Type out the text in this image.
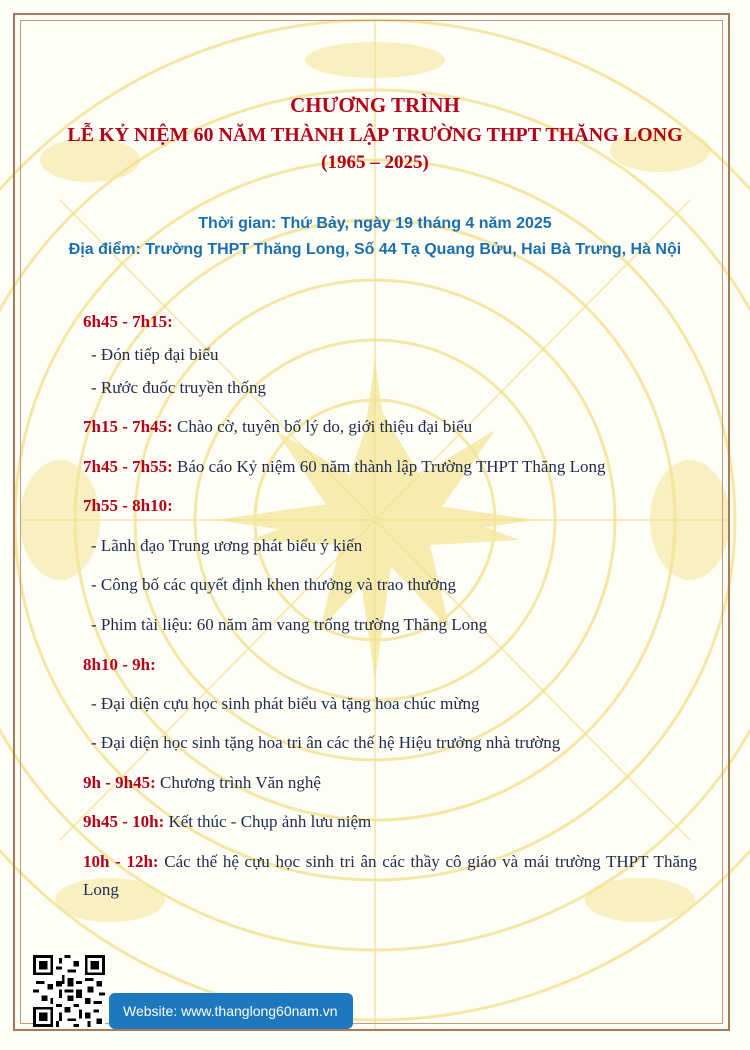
CHƯƠNG TRÌNH
LỄ KỶ NIỆM 60 NĂM THÀNH LẬP TRƯỜNG THPT THĂNG LONG
(1965 – 2025)
Thời gian: Thứ Bảy, ngày 19 tháng 4 năm 2025
Địa điểm: Trường THPT Thăng Long, Số 44 Tạ Quang Bửu, Hai Bà Trưng, Hà Nội
6h45 - 7h15:
- Đón tiếp đại biểu
- Rước đuốc truyền thống
7h15 - 7h45: Chào cờ, tuyên bố lý do, giới thiệu đại biểu
7h45 - 7h55: Báo cáo Kỷ niệm 60 năm thành lập Trường THPT Thăng Long
7h55 - 8h10:
- Lãnh đạo Trung ương phát biểu ý kiến
- Công bố các quyết định khen thưởng và trao thưởng
- Phim tài liệu: 60 năm âm vang trống trường Thăng Long
8h10 - 9h:
- Đại diện cựu học sinh phát biểu và tặng hoa chúc mừng
- Đại diện học sinh tặng hoa tri ân các thế hệ Hiệu trưởng nhà trường
9h - 9h45: Chương trình Văn nghệ
9h45 - 10h: Kết thúc - Chụp ảnh lưu niệm
10h - 12h: Các thế hệ cựu học sinh tri ân các thầy cô giáo và mái trường THPT Thăng Long
Website: www.thanglong60nam.vn
